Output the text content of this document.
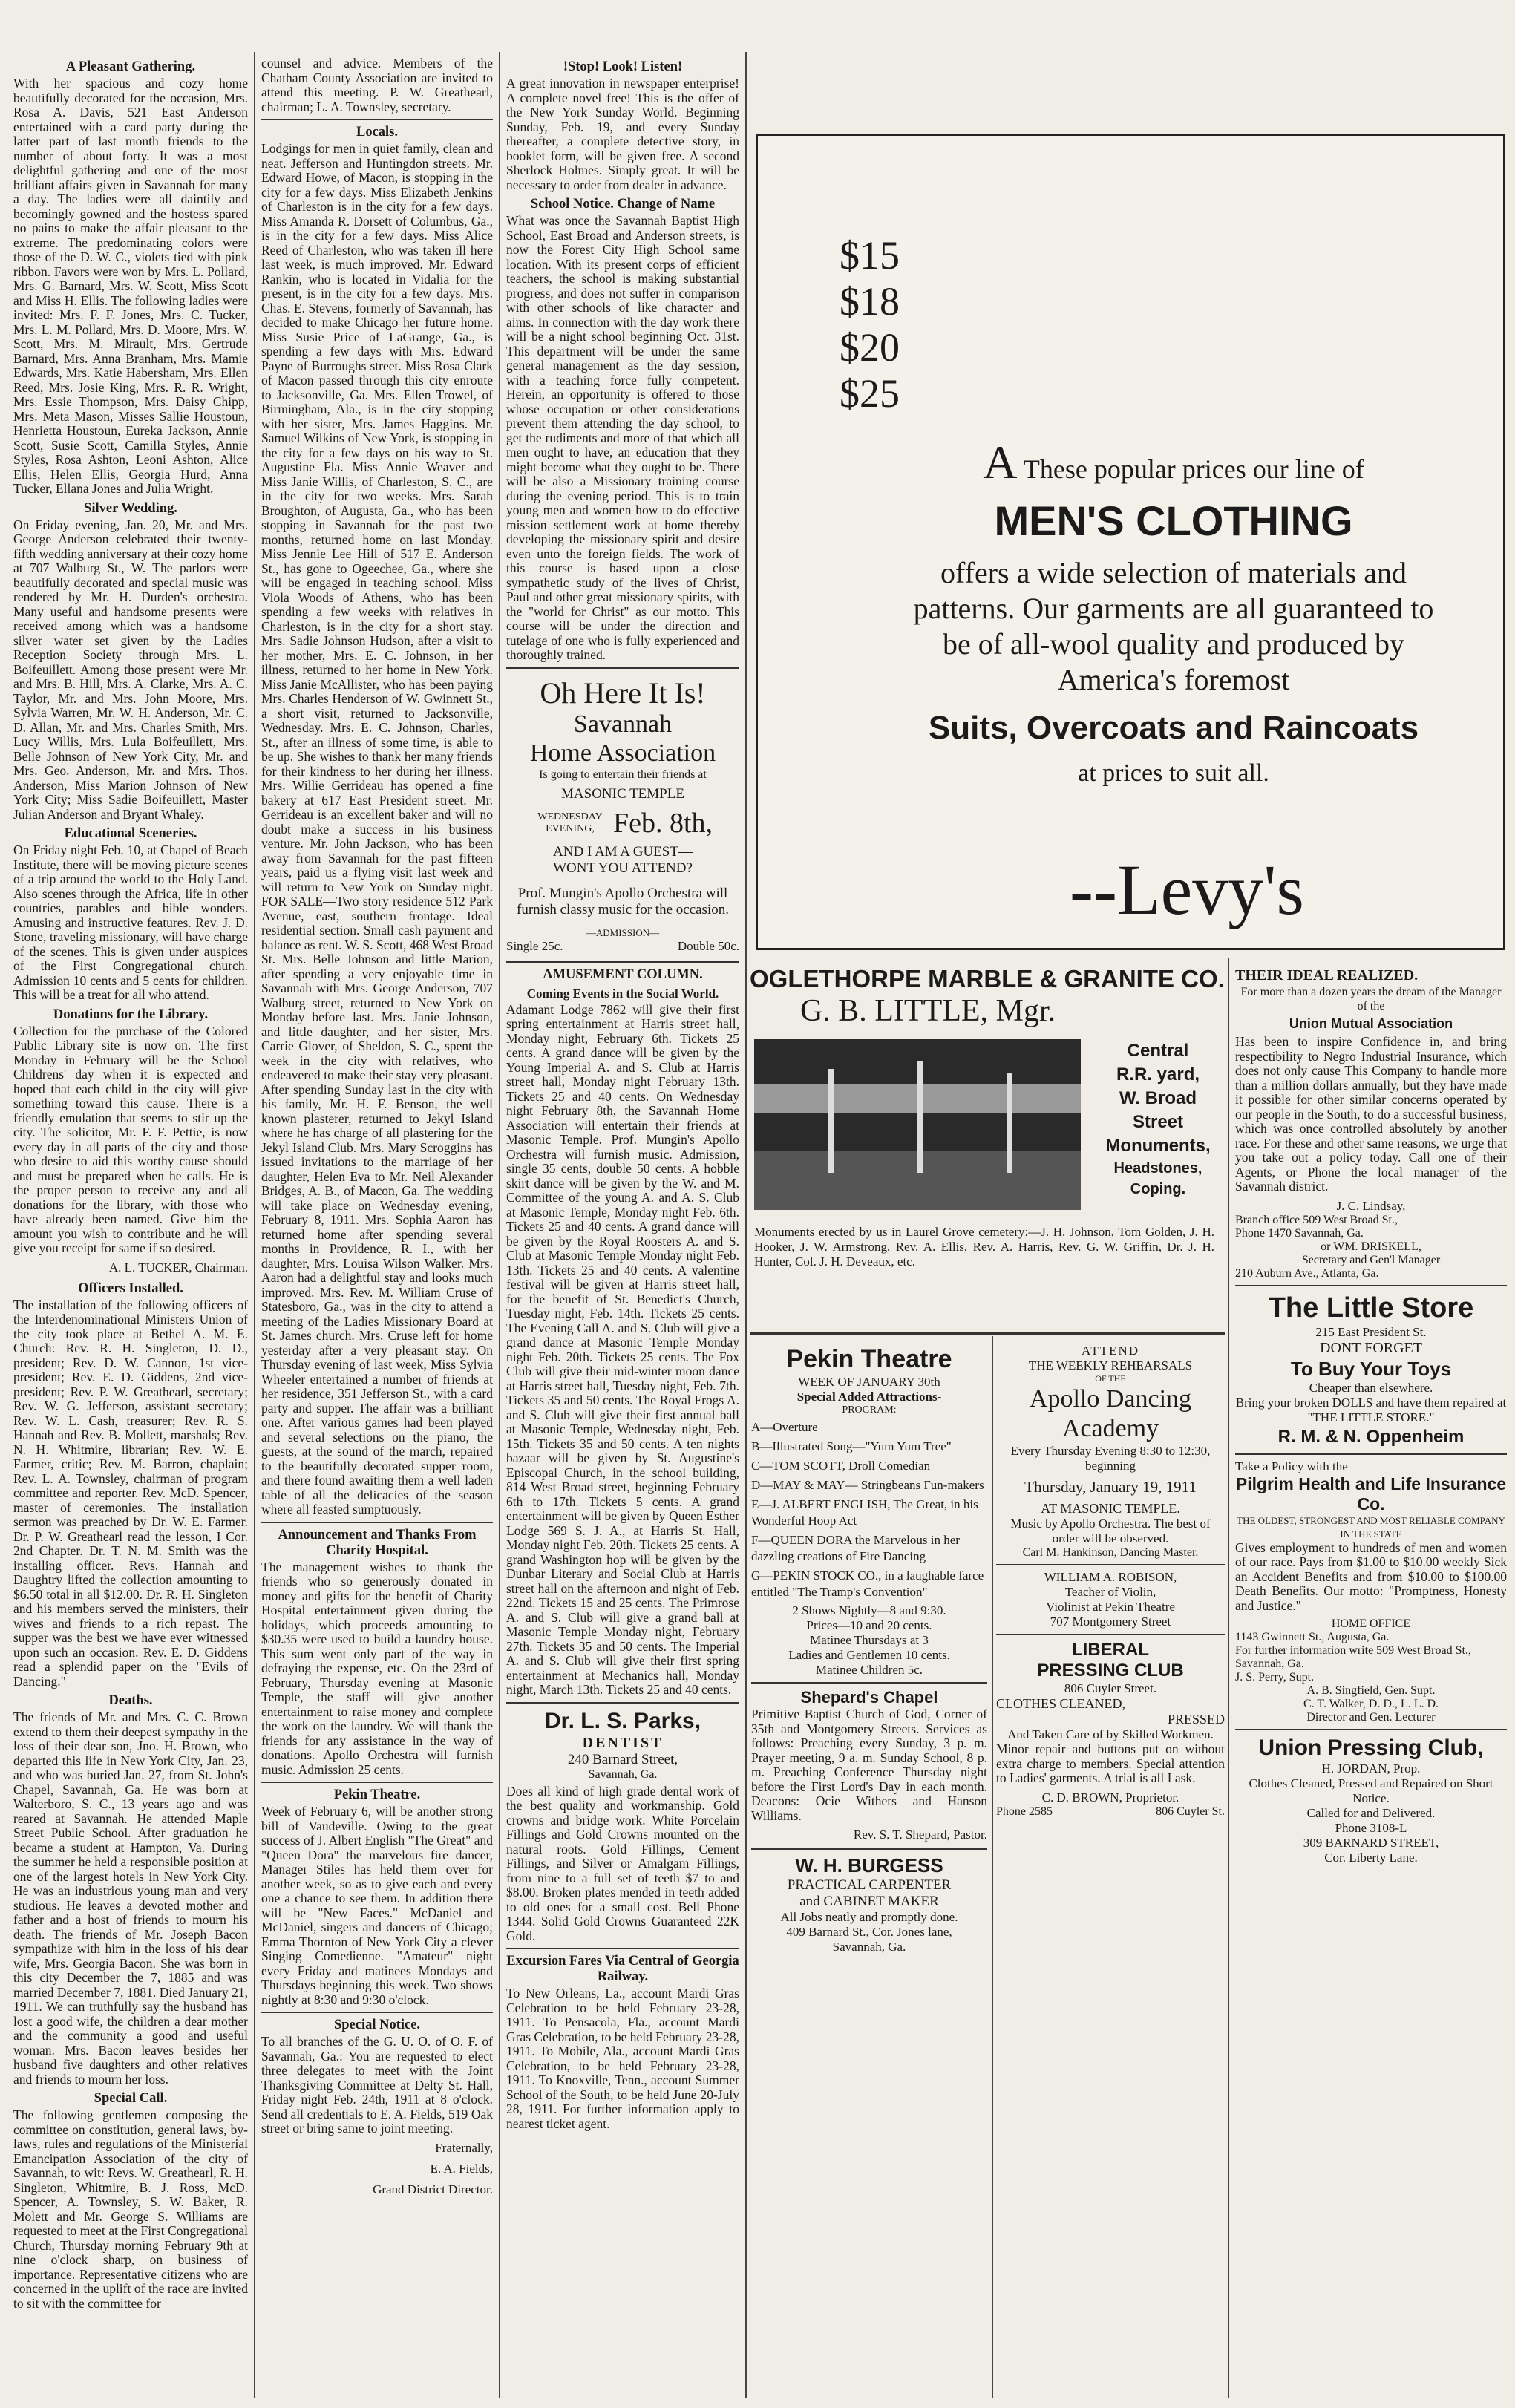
A Pleasant Gathering.

With her spacious and cozy home beautifully decorated for the occasion, Mrs. Rosa A. Davis, 521 East Anderson entertained with a card party during the latter part of last month friends to the number of about forty. It was a most delightful gathering and one of the most brilliant affairs given in Savannah for many a day. The ladies were all daintily and becomingly gowned and the hostess spared no pains to make the affair pleasant to the extreme. The predominating colors were those of the D. W. C., violets tied with pink ribbon. Favors were won by Mrs. L. Pollard, Mrs. G. Barnard, Mrs. W. Scott, Miss Scott and Miss H. Ellis. The following ladies were invited: Mrs. F. F. Jones, Mrs. C. Tucker, Mrs. L. M. Pollard, Mrs. D. Moore, Mrs. W. Scott, Mrs. M. Mirault, Mrs. Gertrude Barnard, Mrs. Anna Branham, Mrs. Mamie Edwards, Mrs. Katie Habersham, Mrs. Ellen Reed, Mrs. Josie King, Mrs. R. R. Wright, Mrs. Essie Thompson, Mrs. Daisy Chipp, Mrs. Meta Mason, Misses Sallie Houstoun, Henrietta Houstoun, Eureka Jackson, Annie Scott, Susie Scott, Camilla Styles, Annie Styles, Rosa Ashton, Leoni Ashton, Alice Ellis, Helen Ellis, Georgia Hurd, Anna Tucker, Ellana Jones and Julia Wright.

Silver Wedding.

On Friday evening, Jan. 20, Mr. and Mrs. George Anderson celebrated their twenty-fifth wedding anniversary at their cozy home at 707 Walburg St., W. The parlors were beautifully decorated and special music was rendered by Mr. H. Durden's orchestra. Many useful and handsome presents were received among which was a handsome silver water set given by the Ladies Reception Society through Mrs. L. Boifeuillett. Among those present were Mr. and Mrs. B. Hill, Mrs. A. Clarke, Mrs. A. C. Taylor, Mr. and Mrs. John Moore, Mrs. Sylvia Warren, Mr. W. H. Anderson, Mr. C. D. Allan, Mr. and Mrs. Charles Smith, Mrs. Lucy Willis, Mrs. Lula Boifeuillett, Mrs. Belle Johnson of New York City, Mr. and Mrs. Geo. Anderson, Mr. and Mrs. Thos. Anderson, Miss Marion Johnson of New York City; Miss Sadie Boifeuillett, Master Julian Anderson and Bryant Whaley.

Educational Sceneries.

On Friday night Feb. 10, at Chapel of Beach Institute, there will be moving picture scenes of a trip around the world to the Holy Land. Also scenes through the Africa, life in other countries, parables and bible wonders. Amusing and instructive features. Rev. J. D. Stone, traveling missionary, will have charge of the scenes. This is given under auspices of the First Congregational church. Admission 10 cents and 5 cents for children. This will be a treat for all who attend.

Donations for the Library.

Collection for the purchase of the Colored Public Library site is now on. The first Monday in February will be the School Childrens' day when it is expected and hoped that each child in the city will give something toward this cause. There is a friendly emulation that seems to stir up the city. The solicitor, Mr. F. F. Pettie, is now every day in all parts of the city and those who desire to aid this worthy cause should and must be prepared when he calls. He is the proper person to receive any and all donations for the library, with those who have already been named. Give him the amount you wish to contribute and he will give you receipt for same if so desired.

A. L. TUCKER, Chairman.
Officers Installed.

The installation of the following officers of the Interdenominational Ministers Union of the city took place at Bethel A. M. E. Church: Rev. R. H. Singleton, D. D., president; Rev. D. W. Cannon, 1st vice-president; Rev. E. D. Giddens, 2nd vice-president; Rev. P. W. Greathearl, secretary; Rev. W. G. Jefferson, assistant secretary; Rev. W. L. Cash, treasurer; Rev. R. S. Hannah and Rev. B. Mollett, marshals; Rev. N. H. Whitmire, librarian; Rev. W. E. Farmer, critic; Rev. M. Barron, chaplain; Rev. L. A. Townsley, chairman of program committee and reporter. Rev. McD. Spencer, master of ceremonies. The installation sermon was preached by Dr. W. E. Farmer. Dr. P. W. Greathearl read the lesson, I Cor. 2nd Chapter. Dr. T. N. M. Smith was the installing officer. Revs. Hannah and Daughtry lifted the collection amounting to $6.50 total in all $12.00. Dr. R. H. Singleton and his members served the ministers, their wives and friends to a rich repast. The supper was the best we have ever witnessed upon such an occasion. Rev. E. D. Giddens read a splendid paper on the "Evils of Dancing."

Deaths.

The friends of Mr. and Mrs. C. C. Brown extend to them their deepest sympathy in the loss of their dear son, Jno. H. Brown, who departed this life in New York City, Jan. 23, and who was buried Jan. 27, from St. John's Chapel, Savannah, Ga. He was born at Walterboro, S. C., 13 years ago and was reared at Savannah. He attended Maple Street Public School. After graduation he became a student at Hampton, Va. During the summer he held a responsible position at one of the largest hotels in New York City. He was an industrious young man and very studious. He leaves a devoted mother and father and a host of friends to mourn his death. The friends of Mr. Joseph Bacon sympathize with him in the loss of his dear wife, Mrs. Georgia Bacon. She was born in this city December the 7, 1885 and was married December 7, 1881. Died January 21, 1911. We can truthfully say the husband has lost a good wife, the children a dear mother and the community a good and useful woman. Mrs. Bacon leaves besides her husband five daughters and other relatives and friends to mourn her loss.

Special Call.

The following gentlemen composing the committee on constitution, general laws, by-laws, rules and regulations of the Ministerial Emancipation Association of the city of Savannah, to wit: Revs. W. Greathearl, R. H. Singleton, Whitmire, B. J. Ross, McD. Spencer, A. Townsley, S. W. Baker, R. Molett and Mr. George S. Williams are requested to meet at the First Congregational Church, Thursday morning February 9th at nine o'clock sharp, on business of importance. Representative citizens who are concerned in the uplift of the race are invited to sit with the committee for

counsel and advice. Members of the Chatham County Association are invited to attend this meeting. P. W. Greathearl, chairman; L. A. Townsley, secretary.

Locals.

Lodgings for men in quiet family, clean and neat. Jefferson and Huntingdon streets. Mr. Edward Howe, of Macon, is stopping in the city for a few days. Miss Elizabeth Jenkins of Charleston is in the city for a few days. Miss Amanda R. Dorsett of Columbus, Ga., is in the city for a few days. Miss Alice Reed of Charleston, who was taken ill here last week, is much improved. Mr. Edward Rankin, who is located in Vidalia for the present, is in the city for a few days. Mrs. Chas. E. Stevens, formerly of Savannah, has decided to make Chicago her future home. Miss Susie Price of LaGrange, Ga., is spending a few days with Mrs. Edward Payne of Burroughs street. Miss Rosa Clark of Macon passed through this city enroute to Jacksonville, Ga. Mrs. Ellen Trowel, of Birmingham, Ala., is in the city stopping with her sister, Mrs. James Haggins. Mr. Samuel Wilkins of New York, is stopping in the city for a few days on his way to St. Augustine Fla. Miss Annie Weaver and Miss Janie Willis, of Charleston, S. C., are in the city for two weeks. Mrs. Sarah Broughton, of Augusta, Ga., who has been stopping in Savannah for the past two months, returned home on last Monday. Miss Jennie Lee Hill of 517 E. Anderson St., has gone to Ogeechee, Ga., where she will be engaged in teaching school. Miss Viola Woods of Athens, who has been spending a few weeks with relatives in Charleston, is in the city for a short stay. Mrs. Sadie Johnson Hudson, after a visit to her mother, Mrs. E. C. Johnson, in her illness, returned to her home in New York. Miss Janie McAllister, who has been paying Mrs. Charles Henderson of W. Gwinnett St., a short visit, returned to Jacksonville, Wednesday. Mrs. E. C. Johnson, Charles, St., after an illness of some time, is able to be up. She wishes to thank her many friends for their kindness to her during her illness. Mrs. Willie Gerrideau has opened a fine bakery at 617 East President street. Mr. Gerrideau is an excellent baker and will no doubt make a success in his business venture. Mr. John Jackson, who has been away from Savannah for the past fifteen years, paid us a flying visit last week and will return to New York on Sunday night. FOR SALE—Two story residence 512 Park Avenue, east, southern frontage. Ideal residential section. Small cash payment and balance as rent. W. S. Scott, 468 West Broad St. Mrs. Belle Johnson and little Marion, after spending a very enjoyable time in Savannah with Mrs. George Anderson, 707 Walburg street, returned to New York on Monday before last. Mrs. Janie Johnson, and little daughter, and her sister, Mrs. Carrie Glover, of Sheldon, S. C., spent the week in the city with relatives, who endeavered to make their stay very pleasant. After spending Sunday last in the city with his family, Mr. H. F. Benson, the well known plasterer, returned to Jekyl Island where he has charge of all plastering for the Jekyl Island Club. Mrs. Mary Scroggins has issued invitations to the marriage of her daughter, Helen Eva to Mr. Neil Alexander Bridges, A. B., of Macon, Ga. The wedding will take place on Wednesday evening, February 8, 1911. Mrs. Sophia Aaron has returned home after spending several months in Providence, R. I., with her daughter, Mrs. Louisa Wilson Walker. Mrs. Aaron had a delightful stay and looks much improved. Mrs. Rev. M. William Cruse of Statesboro, Ga., was in the city to attend a meeting of the Ladies Missionary Board at St. James church. Mrs. Cruse left for home yesterday after a very pleasant stay. On Thursday evening of last week, Miss Sylvia Wheeler entertained a number of friends at her residence, 351 Jefferson St., with a card party and supper. The affair was a brilliant one. After various games had been played and several selections on the piano, the guests, at the sound of the march, repaired to the beautifully decorated supper room, and there found awaiting them a well laden table of all the delicacies of the season where all feasted sumptuously.

Announcement and Thanks From Charity Hospital.

The management wishes to thank the friends who so generously donated in money and gifts for the benefit of Charity Hospital entertainment given during the holidays, which proceeds amounting to $30.35 were used to build a laundry house. This sum went only part of the way in defraying the expense, etc. On the 23rd of February, Thursday evening at Masonic Temple, the staff will give another entertainment to raise money and complete the work on the laundry. We will thank the friends for any assistance in the way of donations. Apollo Orchestra will furnish music. Admission 25 cents.

Pekin Theatre.

Week of February 6, will be another strong bill of Vaudeville. Owing to the great success of J. Albert English "The Great" and "Queen Dora" the marvelous fire dancer, Manager Stiles has held them over for another week, so as to give each and every one a chance to see them. In addition there will be "New Faces." McDaniel and McDaniel, singers and dancers of Chicago; Emma Thornton of New York City a clever Singing Comedienne. "Amateur" night every Friday and matinees Mondays and Thursdays beginning this week. Two shows nightly at 8:30 and 9:30 o'clock.

Special Notice.

To all branches of the G. U. O. of O. F. of Savannah, Ga.: You are requested to elect three delegates to meet with the Joint Thanksgiving Committee at Delty St. Hall, Friday night Feb. 24th, 1911 at 8 o'clock. Send all credentials to E. A. Fields, 519 Oak street or bring same to joint meeting.

Fraternally,
E. A. Fields,
Grand District Director.
!Stop! Look! Listen!

A great innovation in newspaper enterprise! A complete novel free! This is the offer of the New York Sunday World. Beginning Sunday, Feb. 19, and every Sunday thereafter, a complete detective story, in booklet form, will be given free. A second Sherlock Holmes. Simply great. It will be necessary to order from dealer in advance.

School Notice. Change of Name

What was once the Savannah Baptist High School, East Broad and Anderson streets, is now the Forest City High School same location. With its present corps of efficient teachers, the school is making substantial progress, and does not suffer in comparison with other schools of like character and aims. In connection with the day work there will be a night school beginning Oct. 31st. This department will be under the same general management as the day session, with a teaching force fully competent. Herein, an opportunity is offered to those whose occupation or other considerations prevent them attending the day school, to get the rudiments and more of that which all men ought to have, an education that they might become what they ought to be. There will be also a Missionary training course during the evening period. This is to train young men and women how to do effective mission settlement work at home thereby developing the missionary spirit and desire even unto the foreign fields. The work of this course is based upon a close sympathetic study of the lives of Christ, Paul and other great missionary spirits, with the "world for Christ" as our motto. This course will be under the direction and tutelage of one who is fully experienced and thoroughly trained.

Oh Here It Is!
Savannah
Home Association
Is going to entertain their friends at
MASONIC TEMPLE
WEDNESDAY EVENING, Feb. 8th,
AND I AM A GUEST—
WONT YOU ATTEND?
Prof. Mungin's Apollo Orchestra will furnish classy music for the occasion.
—ADMISSION—
Single 25c.	Double 50c.
AMUSEMENT COLUMN.
Coming Events in the Social World.

Adamant Lodge 7862 will give their first spring entertainment at Harris street hall, Monday night, February 6th. Tickets 25 cents. A grand dance will be given by the Young Imperial A. and S. Club at Harris street hall, Monday night February 13th. Tickets 25 and 40 cents. On Wednesday night February 8th, the Savannah Home Association will entertain their friends at Masonic Temple. Prof. Mungin's Apollo Orchestra will furnish music. Admission, single 35 cents, double 50 cents. A hobble skirt dance will be given by the W. and M. Committee of the young A. and A. S. Club at Masonic Temple, Monday night Feb. 6th. Tickets 25 and 40 cents. A grand dance will be given by the Royal Roosters A. and S. Club at Masonic Temple Monday night Feb. 13th. Tickets 25 and 40 cents. A valentine festival will be given at Harris street hall, for the benefit of St. Benedict's Church, Tuesday night, Feb. 14th. Tickets 25 cents. The Evening Call A. and S. Club will give a grand dance at Masonic Temple Monday night Feb. 20th. Tickets 25 cents. The Fox Club will give their mid-winter moon dance at Harris street hall, Tuesday night, Feb. 7th. Tickets 35 and 50 cents. The Royal Frogs A. and S. Club will give their first annual ball at Masonic Temple, Wednesday night, Feb. 15th. Tickets 35 and 50 cents. A ten nights bazaar will be given by St. Augustine's Episcopal Church, in the school building, 814 West Broad street, beginning February 6th to 17th. Tickets 5 cents. A grand entertainment will be given by Queen Esther Lodge 569 S. J. A., at Harris St. Hall, Monday night Feb. 20th. Tickets 25 cents. A grand Washington hop will be given by the Dunbar Literary and Social Club at Harris street hall on the afternoon and night of Feb. 22nd. Tickets 15 and 25 cents. The Primrose A. and S. Club will give a grand ball at Masonic Temple Monday night, February 27th. Tickets 35 and 50 cents. The Imperial A. and S. Club will give their first spring entertainment at Mechanics hall, Monday night, March 13th. Tickets 25 and 40 cents.

Dr. L. S. Parks,
DENTIST
240 Barnard Street,
Savannah, Ga.

Does all kind of high grade dental work of the best quality and workmanship. Gold crowns and bridge work. White Porcelain Fillings and Gold Crowns mounted on the natural roots. Gold Fillings, Cement Fillings, and Silver or Amalgam Fillings, from nine to a full set of teeth $7 to and $8.00. Broken plates mended in teeth added to old ones for a small cost. Bell Phone 1344. Solid Gold Crowns Guaranteed 22K Gold.

Excursion Fares Via Central of Georgia Railway.

To New Orleans, La., account Mardi Gras Celebration to be held February 23-28, 1911. To Pensacola, Fla., account Mardi Gras Celebration, to be held February 23-28, 1911. To Mobile, Ala., account Mardi Gras Celebration, to be held February 23-28, 1911. To Knoxville, Tenn., account Summer School of the South, to be held June 20-July 28, 1911. For further information apply to nearest ticket agent.

$15
$18
$20
$25
A These popular prices our line of
MEN'S CLOTHING
offers a wide selection of materials and patterns. Our garments are all guaranteed to be of all-wool quality and produced by America's foremost
Suits, Overcoats and Raincoats
at prices to suit all.
--Levy's
OGLETHORPE MARBLE & GRANITE CO.
G. B. LITTLE, Mgr.
Central
R.R. yard,
W. Broad
Street
Monuments,
Headstones,
Coping.

Monuments erected by us in Laurel Grove cemetery:—J. H. Johnson, Tom Golden, J. H. Hooker, J. W. Armstrong, Rev. A. Ellis, Rev. A. Harris, Rev. G. W. Griffin, Dr. J. H. Hunter, Col. J. H. Deveaux, etc.

THEIR IDEAL REALIZED.
For more than a dozen years the dream of the Manager of the
Union Mutual Association

Has been to inspire Confidence in, and bring respectibility to Negro Industrial Insurance, which does not only cause This Company to handle more than a million dollars annually, but they have made it possible for other similar concerns operated by our people in the South, to do a successful business, which was once controlled absolutely by another race. For these and other same reasons, we urge that you take out a policy today. Call one of their Agents, or Phone the local manager of the Savannah district.

J. C. Lindsay,
Branch office 509 West Broad St.,
Phone 1470 Savannah, Ga.
or WM. DRISKELL,
Secretary and Gen'l Manager
210 Auburn Ave., Atlanta, Ga.
The Little Store
215 East President St.
DONT FORGET
To Buy Your Toys
Cheaper than elsewhere.
Bring your broken DOLLS and have them repaired at
"THE LITTLE STORE."
R. M. & N. Oppenheim
Take a Policy with the
Pilgrim Health and Life Insurance Co.
THE OLDEST, STRONGEST AND MOST RELIABLE COMPANY IN THE STATE

Gives employment to hundreds of men and women of our race. Pays from $1.00 to $10.00 weekly Sick an Accident Benefits and from $10.00 to $100.00 Death Benefits. Our motto: "Promptness, Honesty and Justice."

HOME OFFICE
1143 Gwinnett St., Augusta, Ga.
For further information write 509 West Broad St., Savannah, Ga.
J. S. Perry, Supt.
A. B. Singfield, Gen. Supt.
C. T. Walker, D. D., L. L. D.
Director and Gen. Lecturer
Union Pressing Club,
H. JORDAN, Prop.
Clothes Cleaned, Pressed and Repaired on Short Notice.
Called for and Delivered.
Phone 3108-L
309 BARNARD STREET,
Cor. Liberty Lane.
Pekin Theatre
WEEK OF JANUARY 30th
Special Added Attractions-
PROGRAM:
A—Overture
B—Illustrated Song—"Yum Yum Tree"
C—TOM SCOTT, Droll Comedian
D—MAY & MAY— Stringbeans Fun-makers
E—J. ALBERT ENGLISH, The Great, in his Wonderful Hoop Act
F—QUEEN DORA the Marvelous in her dazzling creations of Fire Dancing
G—PEKIN STOCK CO., in a laughable farce entitled "The Tramp's Convention"
2 Shows Nightly—8 and 9:30.
Prices—10 and 20 cents.
Matinee Thursdays at 3
Ladies and Gentlemen 10 cents.
Matinee Children 5c.
Shepard's Chapel

Primitive Baptist Church of God, Corner of 35th and Montgomery Streets. Services as follows: Preaching every Sunday, 3 p. m. Prayer meeting, 9 a. m. Sunday School, 8 p. m. Preaching Conference Thursday night before the First Lord's Day in each month. Deacons: Ocie Withers and Hanson Williams.

Rev. S. T. Shepard, Pastor.
W. H. BURGESS
PRACTICAL CARPENTER
and CABINET MAKER
All Jobs neatly and promptly done.
409 Barnard St., Cor. Jones lane,
Savannah, Ga.
ATTEND
THE WEEKLY REHEARSALS
OF THE
Apollo Dancing
Academy
Every Thursday Evening 8:30 to 12:30, beginning
Thursday, January 19, 1911
AT MASONIC TEMPLE.
Music by Apollo Orchestra. The best of order will be observed.
Carl M. Hankinson, Dancing Master.
WILLIAM A. ROBISON,
Teacher of Violin,
Violinist at Pekin Theatre
707 Montgomery Street
LIBERAL
PRESSING CLUB
806 Cuyler Street.
CLOTHES CLEANED,
PRESSED
And Taken Care of by Skilled Workmen.

Minor repair and buttons put on without extra charge to members. Special attention to Ladies' garments. A trial is all I ask.

C. D. BROWN, Proprietor.
Phone 2585	806 Cuyler St.
